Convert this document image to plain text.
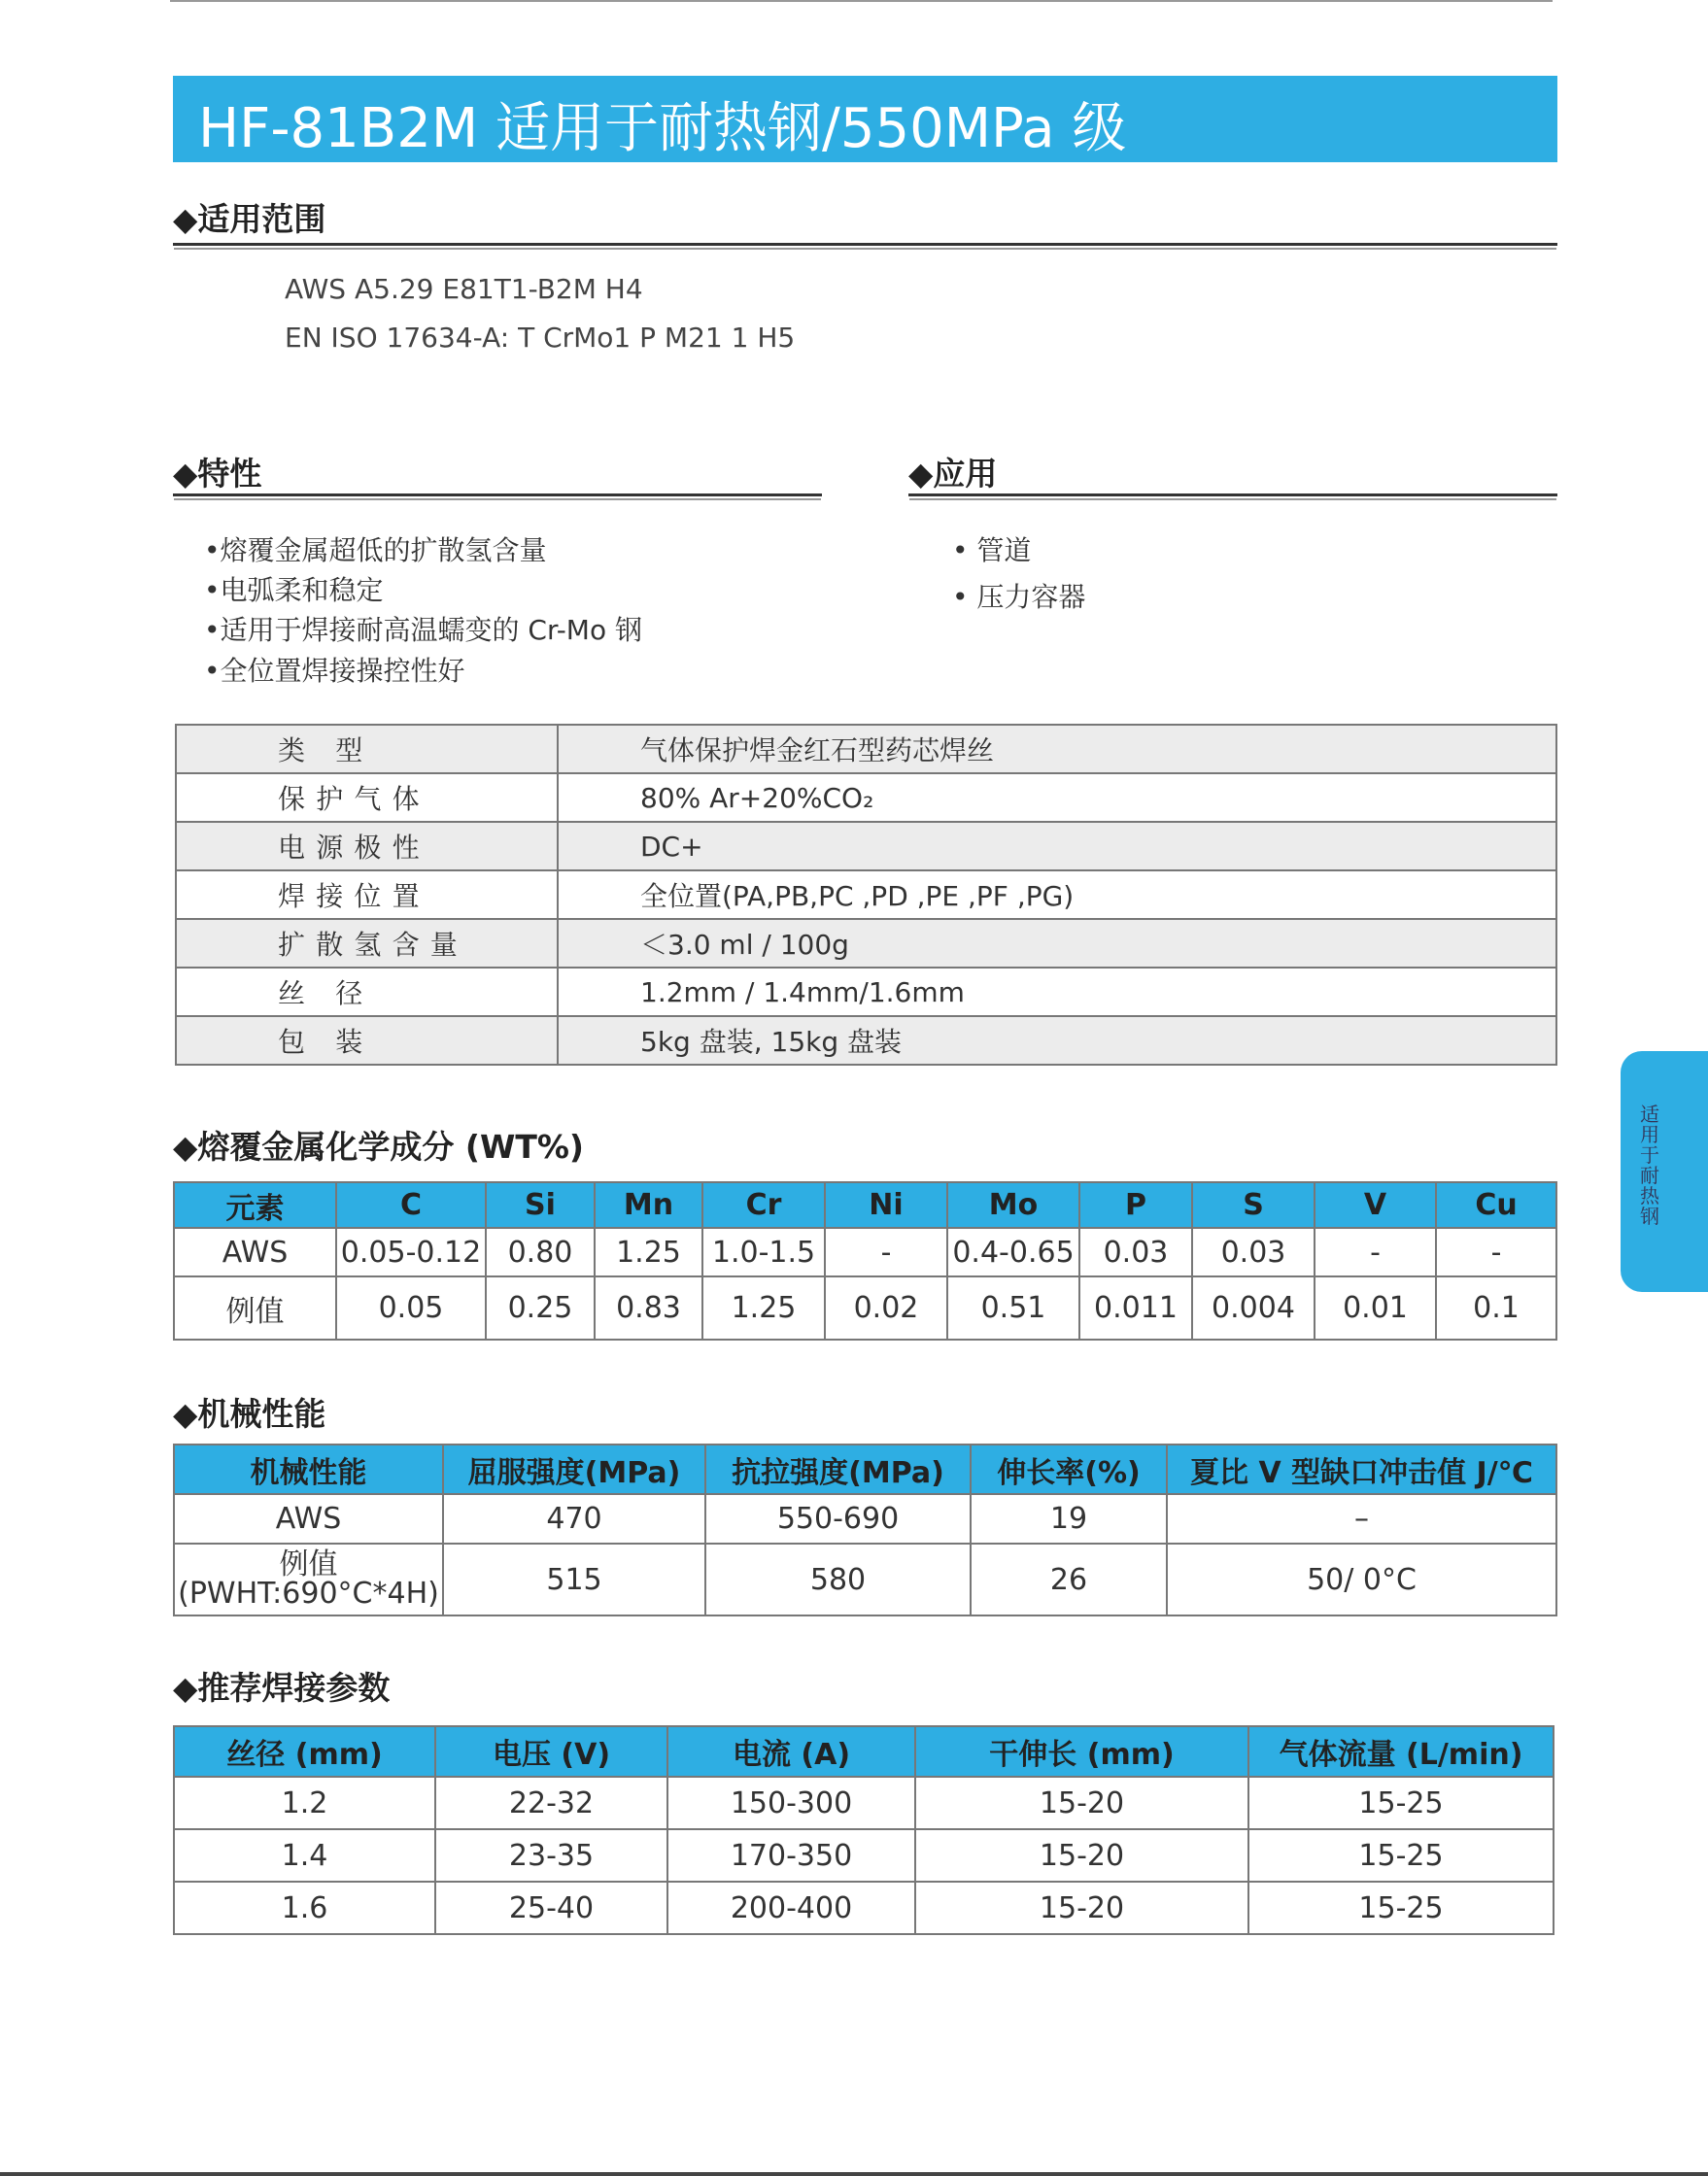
HF-81B2M 适用于耐热钢/550MPa 级
◆适用范围
AWS A5.29 E81T1-B2M H4
EN ISO 17634-A: T CrMo1 P M21 1 H5
◆特性	◆应用
•熔覆金属超低的扩散氢含量
•电弧柔和稳定
•适用于焊接耐高温蠕变的 Cr-Mo 钢
•全位置焊接操控性好
• 管道
• 压力容器
类 型	气体保护焊金红石型药芯焊丝
保护气体	80% Ar+20%CO₂
电源极性	DC+
焊接位置	全位置(PA,PB,PC ,PD ,PE ,PF ,PG)
扩散氢含量	＜3.0 ml / 100g
丝 径	1.2mm / 1.4mm/1.6mm
包 装	5kg 盘装, 15kg 盘装
◆熔覆金属化学成分 (WT%)
元素	C	Si	Mn	Cr	Ni	Mo	P	S	V	Cu
AWS	0.05-0.12	0.80	1.25	1.0-1.5	-	0.4-0.65	0.03	0.03	-	-
例值	0.05	0.25	0.83	1.25	0.02	0.51	0.011	0.004	0.01	0.1
◆机械性能
机械性能	屈服强度(MPa)	抗拉强度(MPa)	伸长率(%)	夏比 V 型缺口冲击值 J/℃
AWS	470	550-690	19	–
例值
(PWHT:690°C*4H)	515	580	26	50/ 0°C
◆推荐焊接参数
丝径 (mm)	电压 (V)	电流 (A)	干伸长 (mm)	气体流量 (L/min)
1.2	22-32	150-300	15-20	15-25
1.4	23-35	170-350	15-20	15-25
1.6	25-40	200-400	15-20	15-25
适用于耐热钢
